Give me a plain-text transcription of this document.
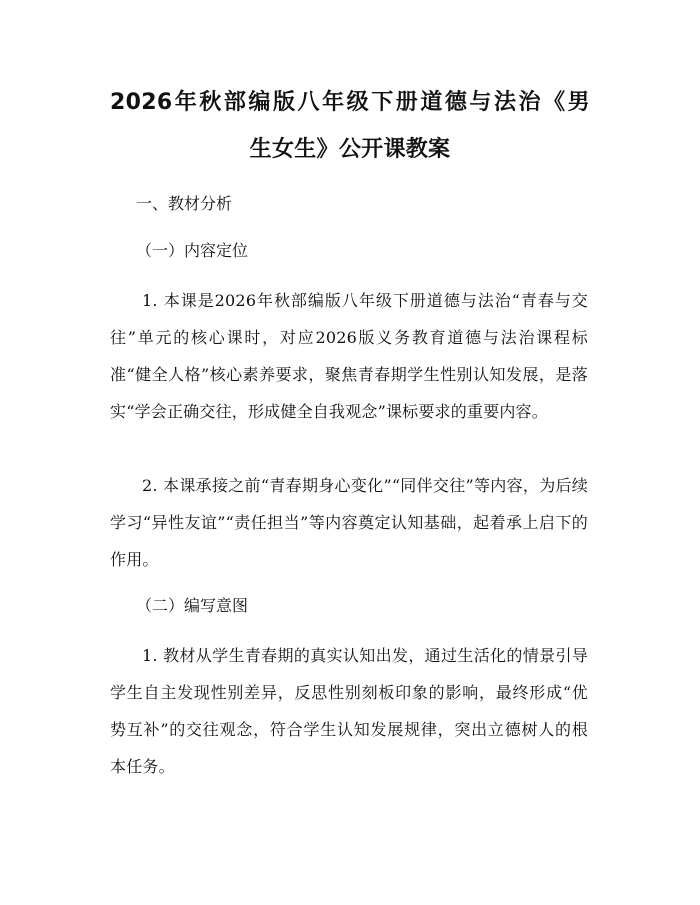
2026年秋部编版八年级下册道德与法治《男
生女生》公开课教案
一、教材分析
（一）内容定位
1. 本课是2026年秋部编版八年级下册道德与法治“青春与交往”单元的核心课时，对应2026版义务教育道德与法治课程标准“健全人格”核心素养要求，聚焦青春期学生性别认知发展，是落实“学会正确交往，形成健全自我观念”课标要求的重要内容。
2. 本课承接之前“青春期身心变化”“同伴交往”等内容，为后续学习“异性友谊”“责任担当”等内容奠定认知基础，起着承上启下的作用。
（二）编写意图
1. 教材从学生青春期的真实认知出发，通过生活化的情景引导学生自主发现性别差异，反思性别刻板印象的影响，最终形成“优势互补”的交往观念，符合学生认知发展规律，突出立德树人的根本任务。
